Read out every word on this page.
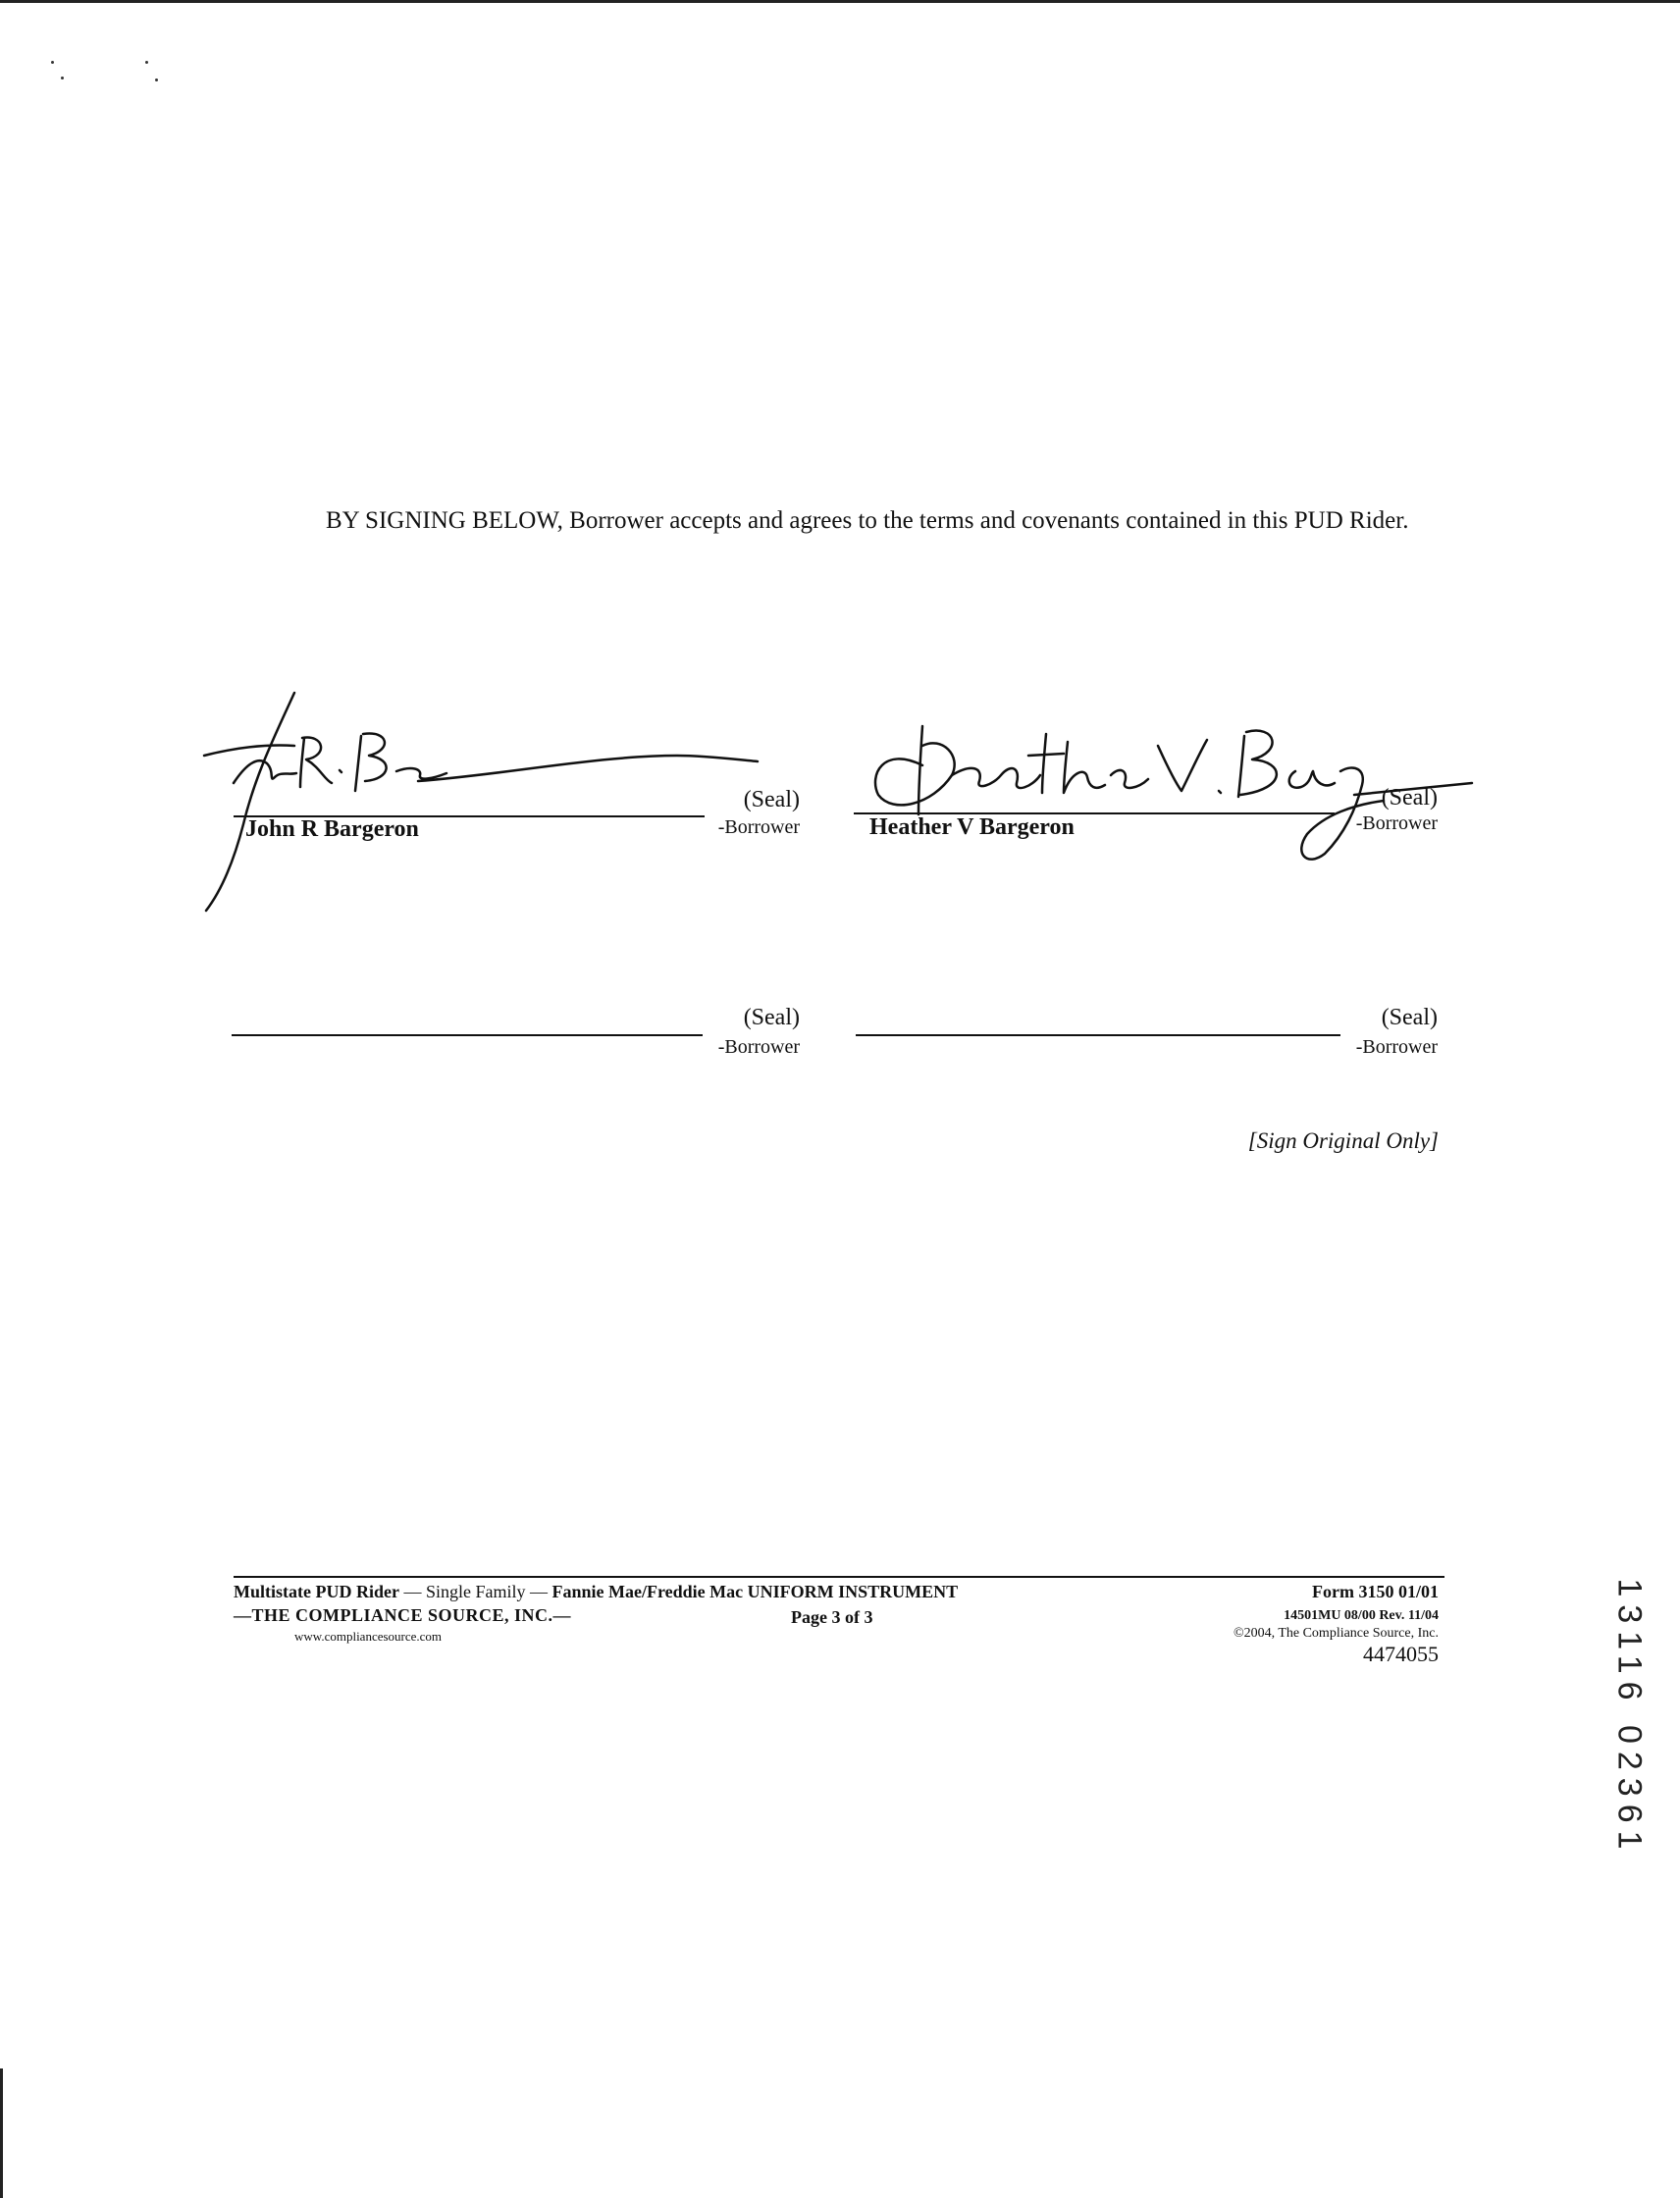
BY SIGNING BELOW, Borrower accepts and agrees to the terms and covenants contained in this PUD Rider.
(Seal)
John R Bargeron	-Borrower
(Seal)
Heather V Bargeron	-Borrower
(Seal)
-Borrower
(Seal)
-Borrower
[Sign Original Only]
Multistate PUD Rider — Single Family — Fannie Mae/Freddie Mac UNIFORM INSTRUMENT
—THE COMPLIANCE SOURCE, INC.—
www.compliancesource.com
Page 3 of 3
Form 3150 01/01
14501MU 08/00 Rev. 11/04
©2004, The Compliance Source, Inc.
4474055	13116 02361
